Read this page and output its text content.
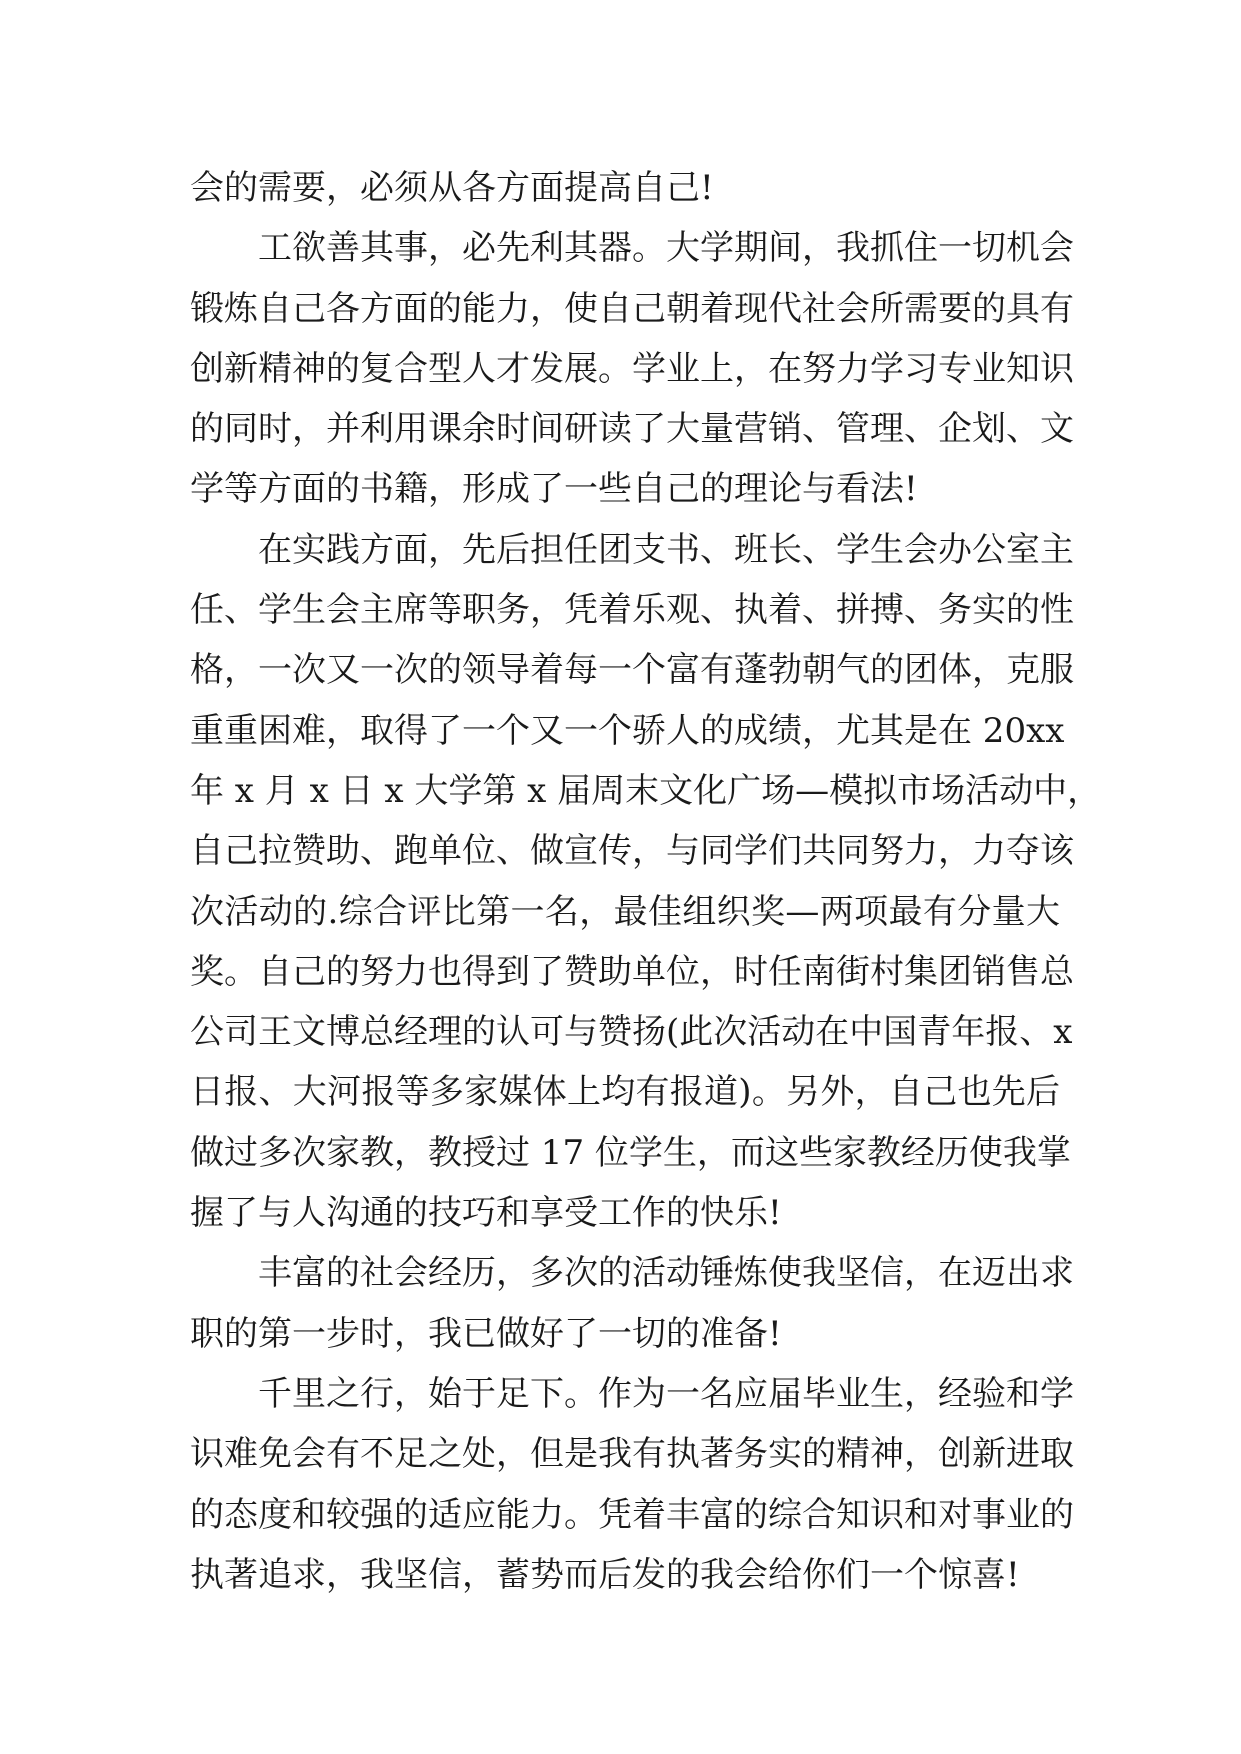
会的需要，必须从各方面提高自己!
工欲善其事，必先利其器。大学期间，我抓住一切机会
锻炼自己各方面的能力，使自己朝着现代社会所需要的具有
创新精神的复合型人才发展。学业上，在努力学习专业知识
的同时，并利用课余时间研读了大量营销、管理、企划、文
学等方面的书籍，形成了一些自己的理论与看法!
在实践方面，先后担任团支书、班长、学生会办公室主
任、学生会主席等职务，凭着乐观、执着、拼搏、务实的性
格，一次又一次的领导着每一个富有蓬勃朝气的团体，克服
重重困难，取得了一个又一个骄人的成绩，尤其是在 20xx
年 x 月 x 日 x 大学第 x 届周末文化广场—模拟市场活动中，
自己拉赞助、跑单位、做宣传，与同学们共同努力，力夺该
次活动的.综合评比第一名，最佳组织奖—两项最有分量大
奖。自己的努力也得到了赞助单位，时任南街村集团销售总
公司王文博总经理的认可与赞扬(此次活动在中国青年报、x
日报、大河报等多家媒体上均有报道)。另外，自己也先后
做过多次家教，教授过 17 位学生，而这些家教经历使我掌
握了与人沟通的技巧和享受工作的快乐!
丰富的社会经历，多次的活动锤炼使我坚信，在迈出求
职的第一步时，我已做好了一切的准备!
千里之行，始于足下。作为一名应届毕业生，经验和学
识难免会有不足之处，但是我有执著务实的精神，创新进取
的态度和较强的适应能力。凭着丰富的综合知识和对事业的
执著追求，我坚信，蓄势而后发的我会给你们一个惊喜!
